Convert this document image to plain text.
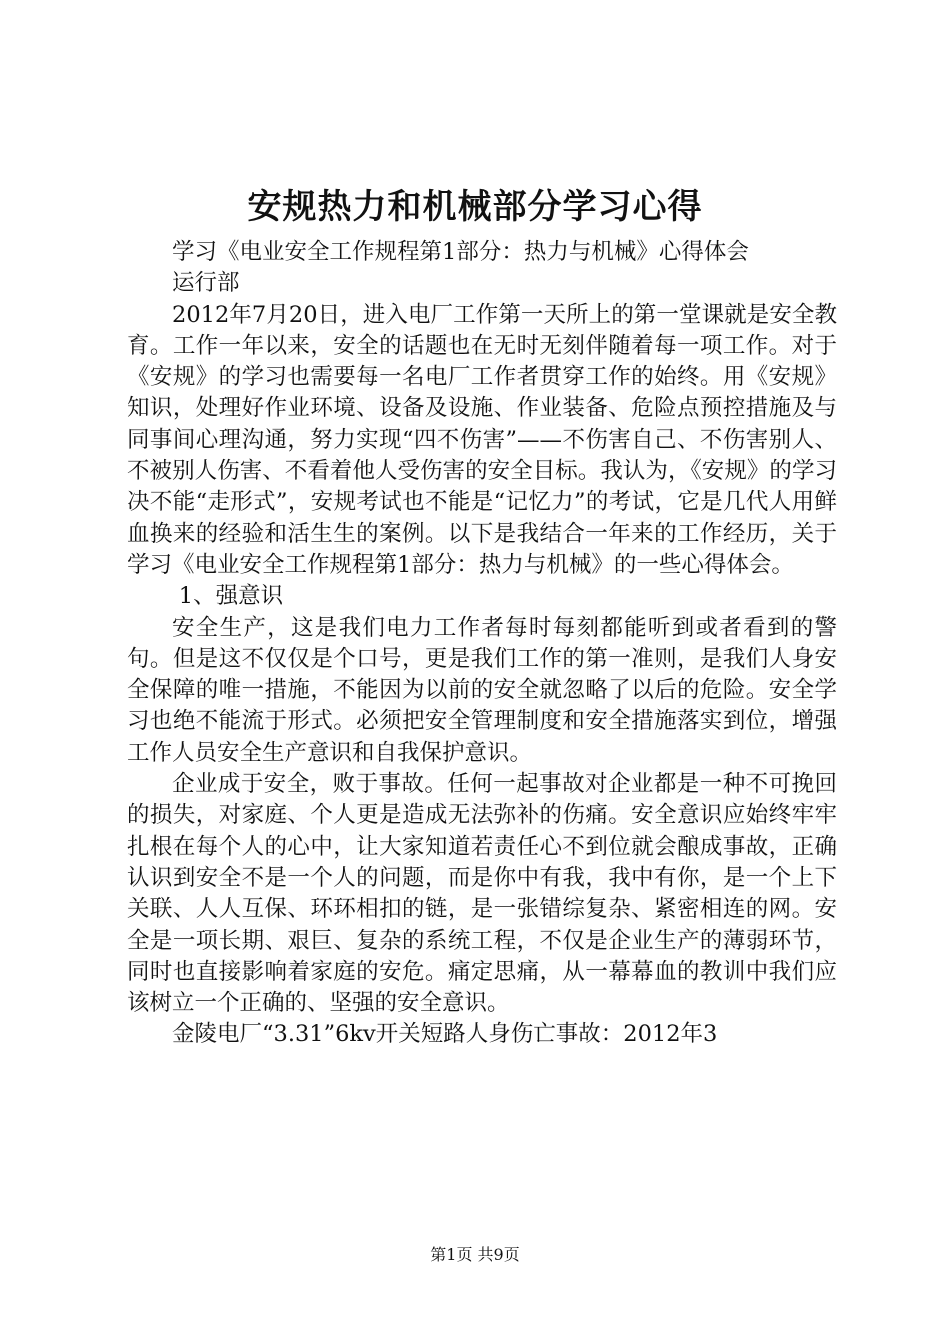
安规热力和机械部分学习心得

学习《电业安全工作规程第1部分：热力与机械》心得体会

运行部

2012年7月20日，进入电厂工作第一天所上的第一堂课就是安全教育。工作一年以来，安全的话题也在无时无刻伴随着每一项工作。对于《安规》的学习也需要每一名电厂工作者贯穿工作的始终。用《安规》知识，处理好作业环境、设备及设施、作业装备、危险点预控措施及与同事间心理沟通，努力实现“四不伤害”——不伤害自己、不伤害别人、不被别人伤害、不看着他人受伤害的安全目标。我认为，《安规》的学习决不能“走形式”，安规考试也不能是“记忆力”的考试，它是几代人用鲜血换来的经验和活生生的案例。以下是我结合一年来的工作经历，关于学习《电业安全工作规程第1部分：热力与机械》的一些心得体会。

1、强意识

安全生产，这是我们电力工作者每时每刻都能听到或者看到的警句。但是这不仅仅是个口号，更是我们工作的第一准则，是我们人身安全保障的唯一措施，不能因为以前的安全就忽略了以后的危险。安全学习也绝不能流于形式。必须把安全管理制度和安全措施落实到位，增强工作人员安全生产意识和自我保护意识。

企业成于安全，败于事故。任何一起事故对企业都是一种不可挽回的损失，对家庭、个人更是造成无法弥补的伤痛。安全意识应始终牢牢扎根在每个人的心中，让大家知道若责任心不到位就会酿成事故，正确认识到安全不是一个人的问题，而是你中有我，我中有你，是一个上下关联、人人互保、环环相扣的链，是一张错综复杂、紧密相连的网。安全是一项长期、艰巨、复杂的系统工程，不仅是企业生产的薄弱环节，同时也直接影响着家庭的安危。痛定思痛，从一幕幕血的教训中我们应该树立一个正确的、坚强的安全意识。

金陵电厂“3.31”6kv开关短路人身伤亡事故：2012年3

第1页 共9页
